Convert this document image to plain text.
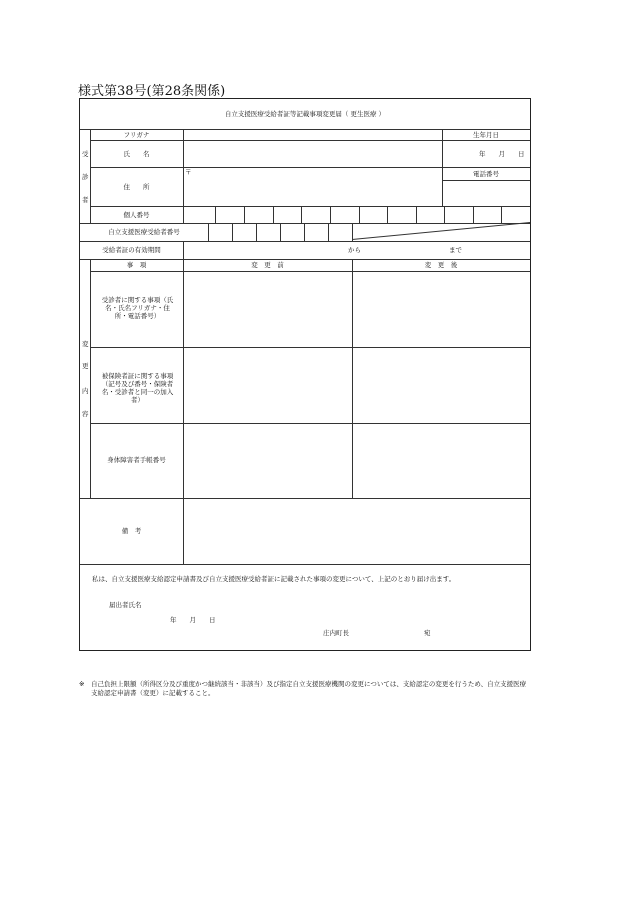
様式第38号(第28条関係)
自立支援医療受給者証等記載事項変更届（ 更生医療 ）
受
診
者
フリガナ	生年月日
氏　　名	年　　月　　日
住　　所
〒	電話番号
個人番号
自立支援医療受給者番号
受給者証の有効期間	から	まで
変
更
内
容
事　項	変　更　前	変　更　後
受診者に関する事項（氏名・氏名フリガナ・住所・電話番号）
被保険者証に関する事項（記号及び番号・保険者名・受診者と同一の加入者）
身体障害者手帳番号
備　考
私は、自立支援医療支給認定申請書及び自立支援医療受給者証に記載された事項の変更について、上記のとおり届け出ます。
届出者氏名
年　　月　　日
庄内町長	宛
※ 自己負担上限額（所得区分及び重度かつ継続該当・非該当）及び指定自立支援医療機関の変更については、支給認定の変更を行うため、自立支援医療支給認定申請書（変更）に記載すること。
